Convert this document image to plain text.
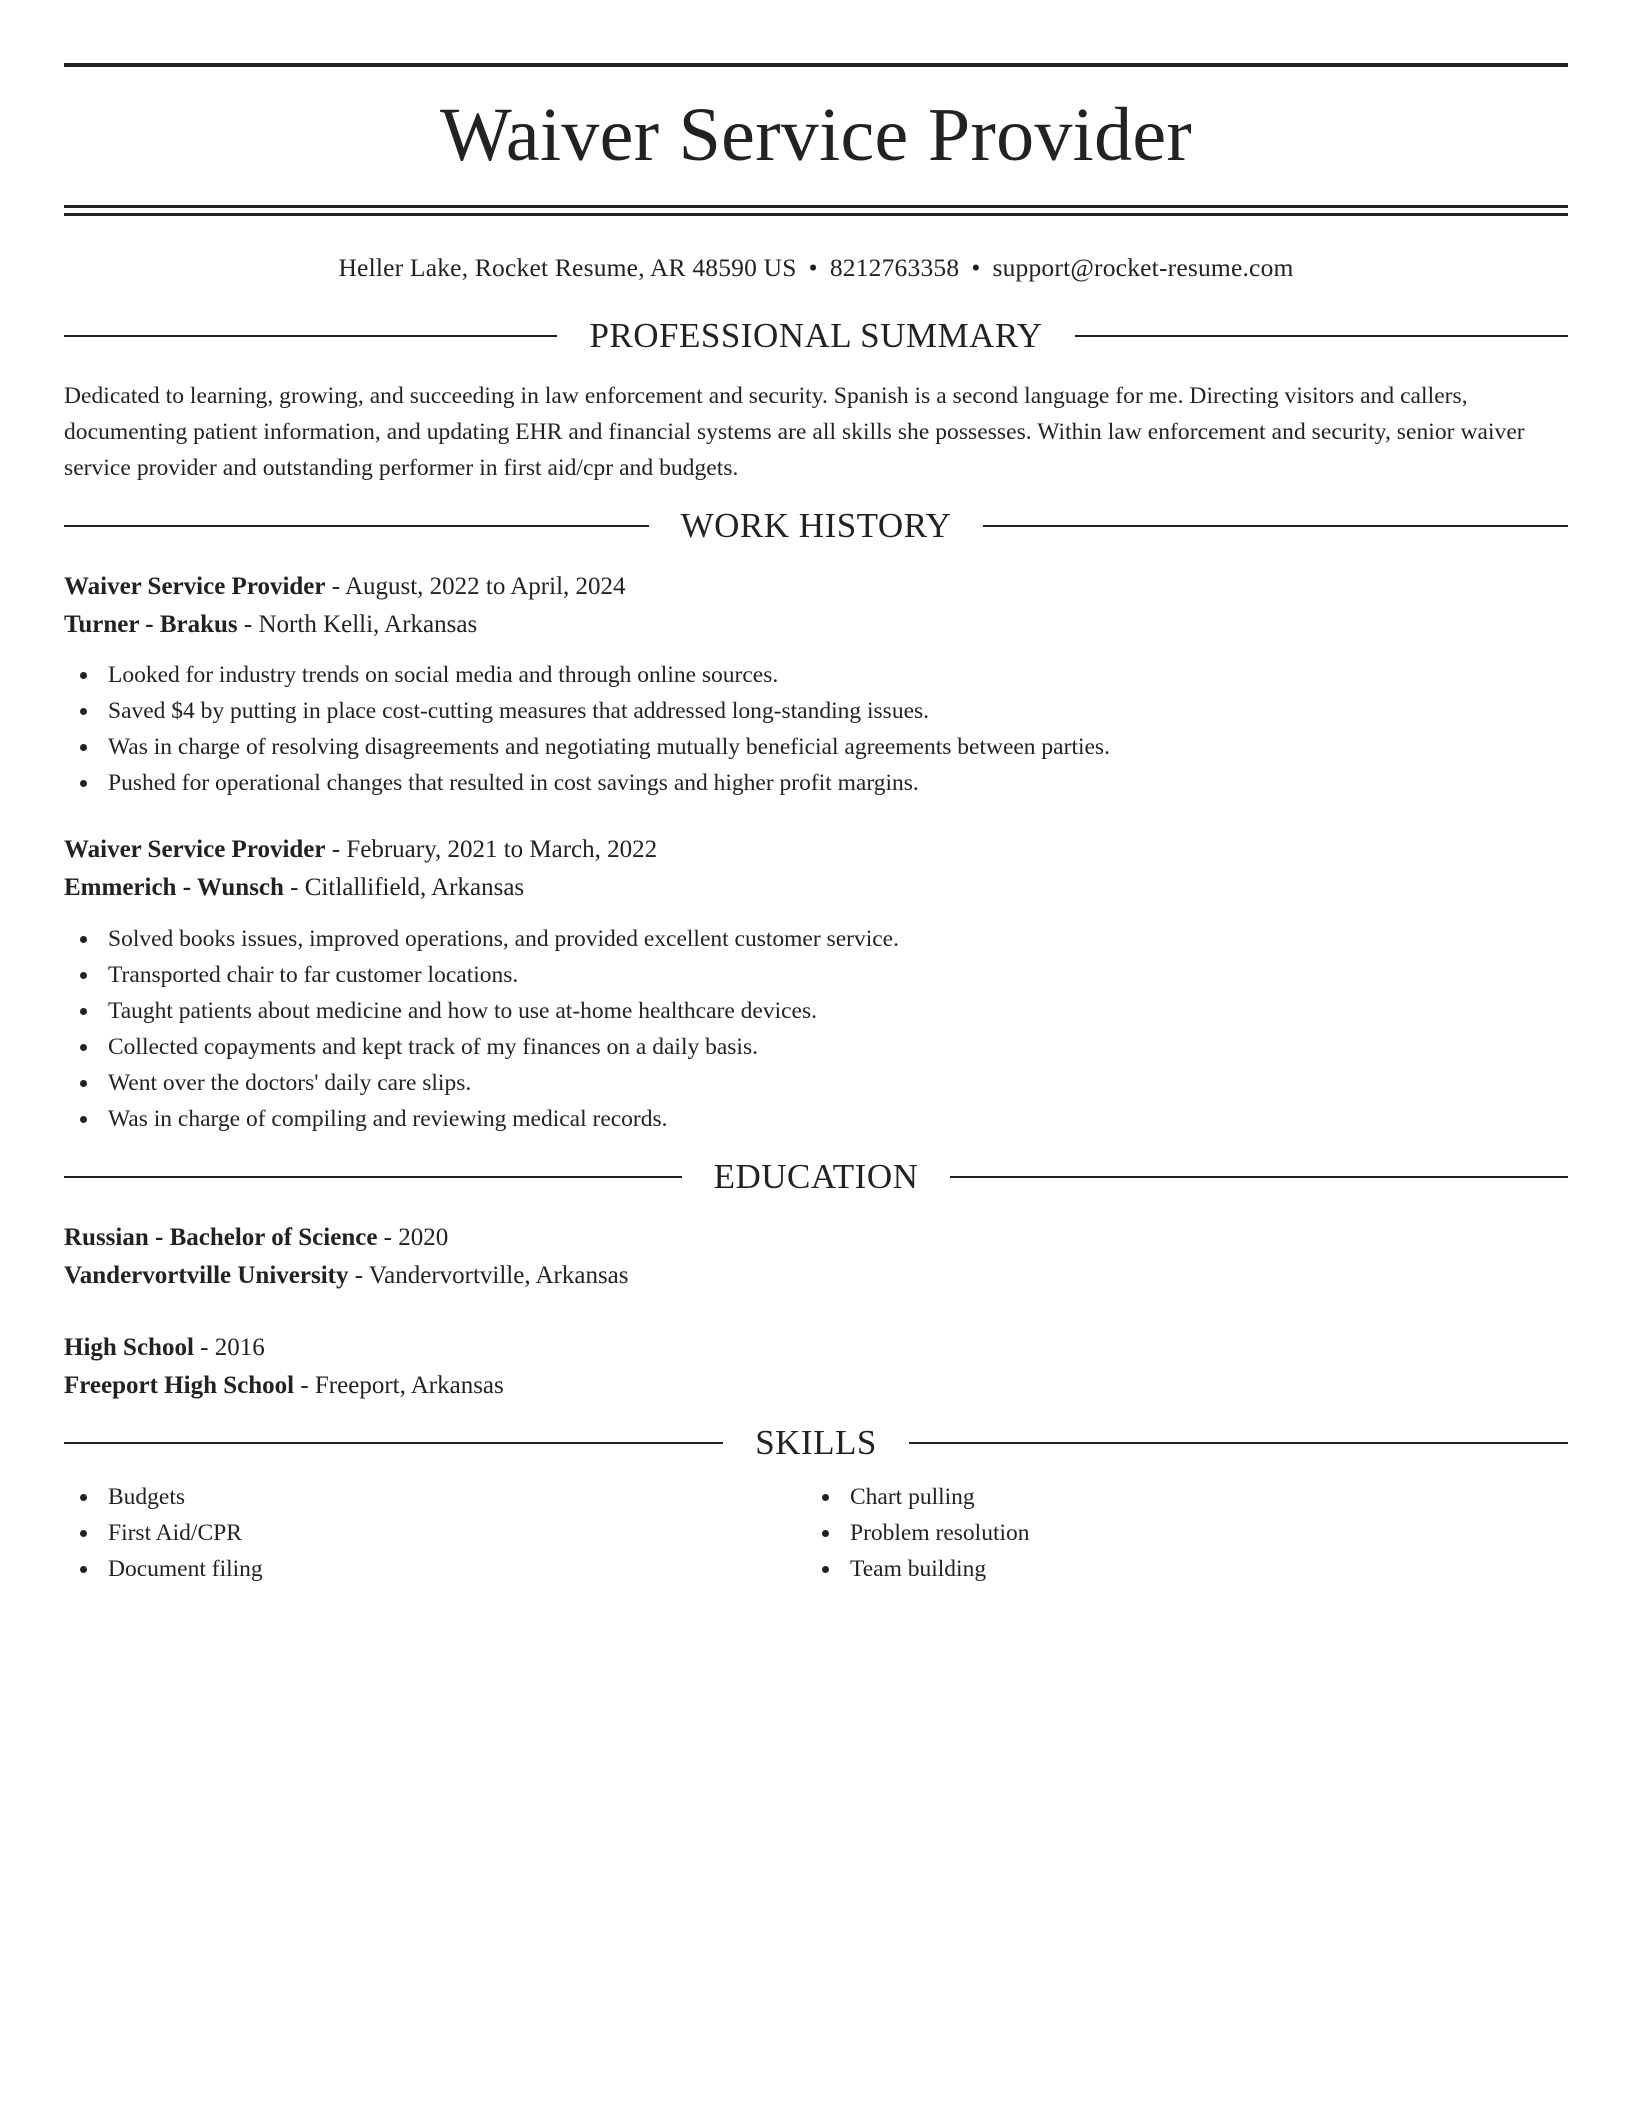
Waiver Service Provider
Heller Lake, Rocket Resume, AR 48590 US • 8212763358 • support@rocket-resume.com
PROFESSIONAL SUMMARY
Dedicated to learning, growing, and succeeding in law enforcement and security. Spanish is a second language for me. Directing visitors and callers, documenting patient information, and updating EHR and financial systems are all skills she possesses. Within law enforcement and security, senior waiver service provider and outstanding performer in first aid/cpr and budgets.
WORK HISTORY
Waiver Service Provider - August, 2022 to April, 2024
Turner - Brakus - North Kelli, Arkansas
Looked for industry trends on social media and through online sources.
Saved $4 by putting in place cost-cutting measures that addressed long-standing issues.
Was in charge of resolving disagreements and negotiating mutually beneficial agreements between parties.
Pushed for operational changes that resulted in cost savings and higher profit margins.
Waiver Service Provider - February, 2021 to March, 2022
Emmerich - Wunsch - Citlallifield, Arkansas
Solved books issues, improved operations, and provided excellent customer service.
Transported chair to far customer locations.
Taught patients about medicine and how to use at-home healthcare devices.
Collected copayments and kept track of my finances on a daily basis.
Went over the doctors' daily care slips.
Was in charge of compiling and reviewing medical records.
EDUCATION
Russian - Bachelor of Science - 2020
Vandervortville University - Vandervortville, Arkansas
High School - 2016
Freeport High School - Freeport, Arkansas
SKILLS
Budgets
First Aid/CPR
Document filing
Chart pulling
Problem resolution
Team building
